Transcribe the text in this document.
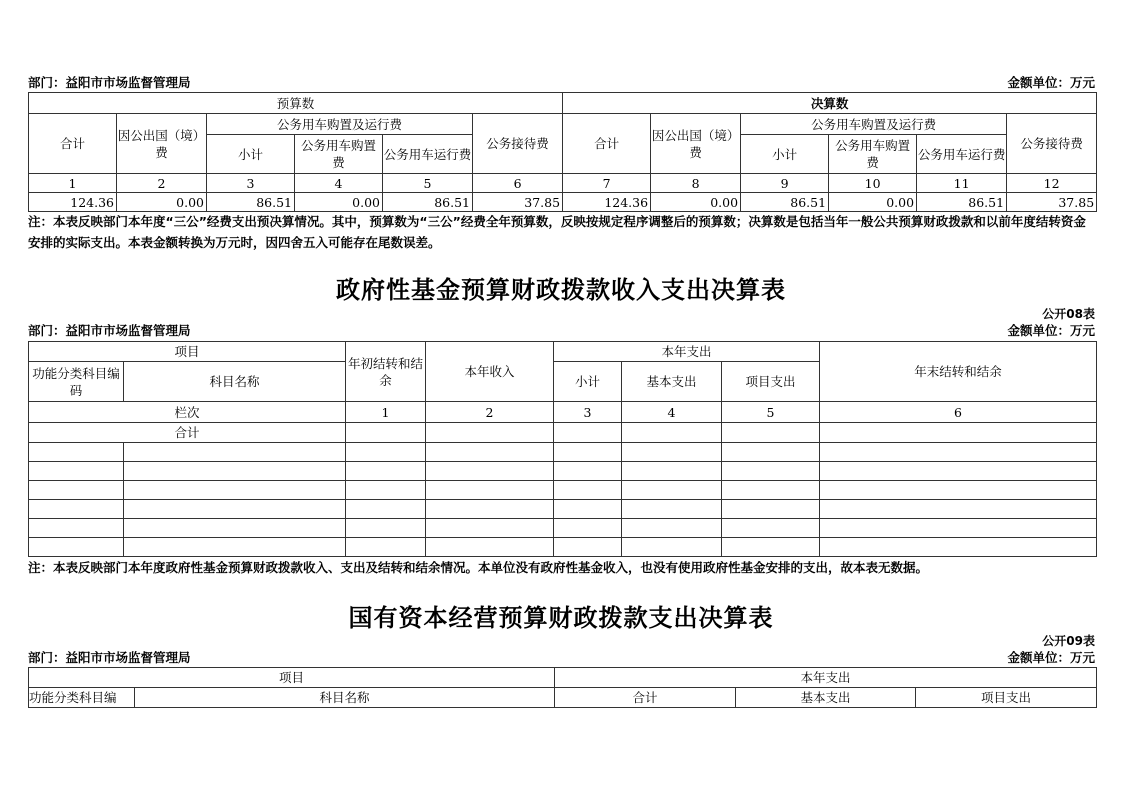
部门：益阳市市场监督管理局	金额单位：万元
预算数						决算数					
合计	因公出国（境）费	公务用车购置及运行费			公务接待费	合计	因公出国（境）费	公务用车购置及运行费			公务接待费
		小计	公务用车购置费	公务用车运行费				小计	公务用车购置费	公务用车运行费	
1	2	3	4	5	6	7	8	9	10	11	12
124.36	0.00	86.51	0.00	86.51	37.85	124.36	0.00	86.51	0.00	86.51	37.85
注：本表反映部门本年度“三公”经费支出预决算情况。其中，预算数为“三公”经费全年预算数，反映按规定程序调整后的预算数；决算数是包括当年一般公共预算财政拨款和以前年度结转资金安排的实际支出。本表金额转换为万元时，因四舍五入可能存在尾数误差。
政府性基金预算财政拨款收入支出决算表
公开08表
部门：益阳市市场监督管理局	金额单位：万元
项目		年初结转和结余	本年收入	本年支出			年末结转和结余
功能分类科目编码	科目名称			小计	基本支出	项目支出	
栏次		1	2	3	4	5	6
合计							

注：本表反映部门本年度政府性基金预算财政拨款收入、支出及结转和结余情况。本单位没有政府性基金收入，也没有使用政府性基金安排的支出，故本表无数据。
国有资本经营预算财政拨款支出决算表
公开09表
部门：益阳市市场监督管理局	金额单位：万元
项目		本年支出		
功能分类科目编	科目名称	合计	基本支出	项目支出
